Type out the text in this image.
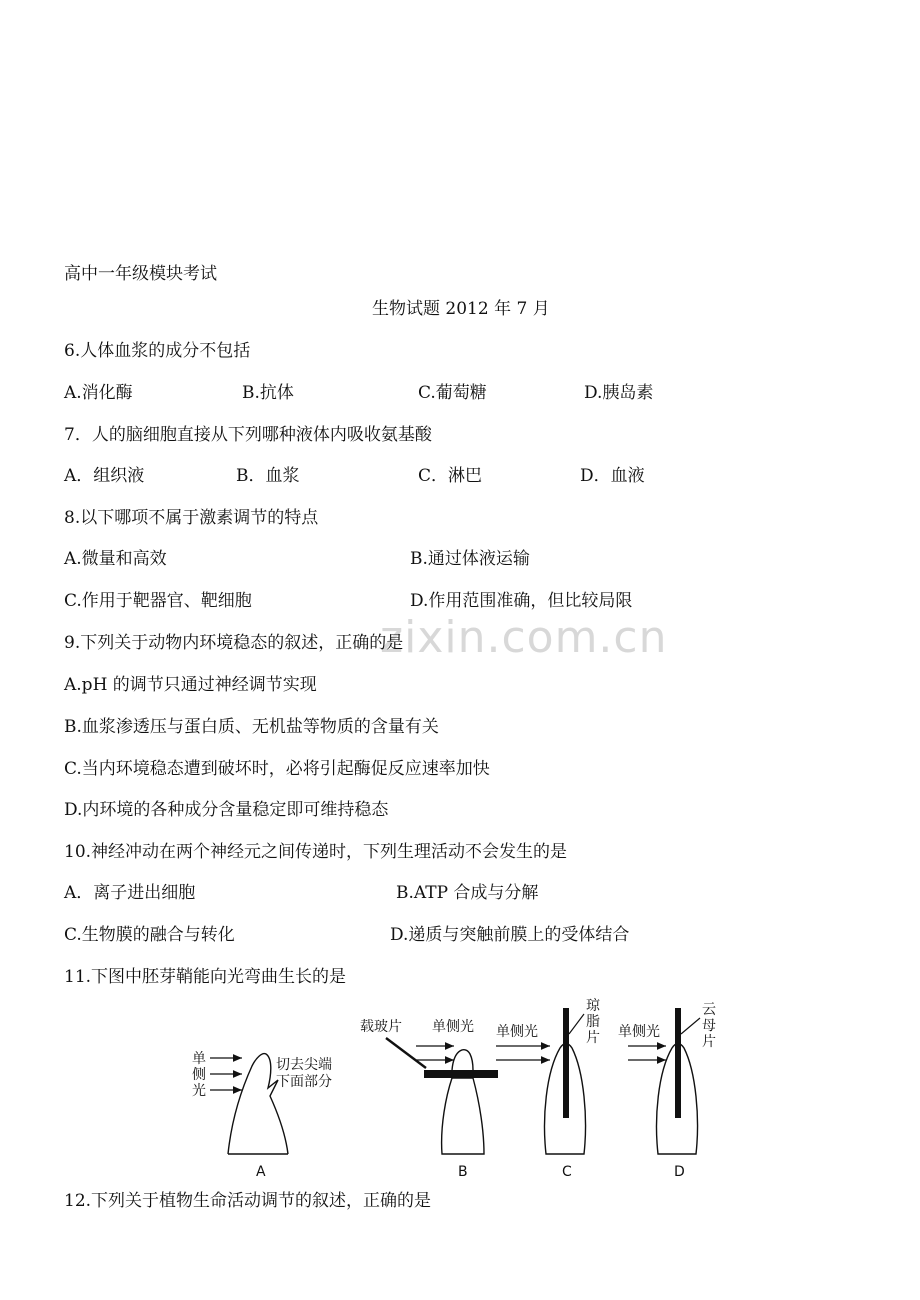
高中一年级模块考试
生物试题 2012 年 7 月
6.人体血浆的成分不包括
A.消化酶	B.抗体	C.葡萄糖	D.胰岛素
7．人的脑细胞直接从下列哪种液体内吸收氨基酸
A．组织液	B．血浆	C．淋巴	D．血液
8.以下哪项不属于激素调节的特点
A.微量和高效	B.通过体液运输
C.作用于靶器官、靶细胞	D.作用范围准确，但比较局限
zixin.com.cn
9.下列关于动物内环境稳态的叙述，正确的是
A.pH 的调节只通过神经调节实现
B.血浆渗透压与蛋白质、无机盐等物质的含量有关
C.当内环境稳态遭到破坏时，必将引起酶促反应速率加快
D.内环境的各种成分含量稳定即可维持稳态
10.神经冲动在两个神经元之间传递时，下列生理活动不会发生的是
A．离子进出细胞	B.ATP 合成与分解
C.生物膜的融合与转化	D.递质与突触前膜上的受体结合
11.下图中胚芽鞘能向光弯曲生长的是
单
侧
光
切去尖端
下面部分
A
载玻片 单侧光
B
单侧光
琼
脂
片
C
单侧光
云
母
片
D
12.下列关于植物生命活动调节的叙述，正确的是
